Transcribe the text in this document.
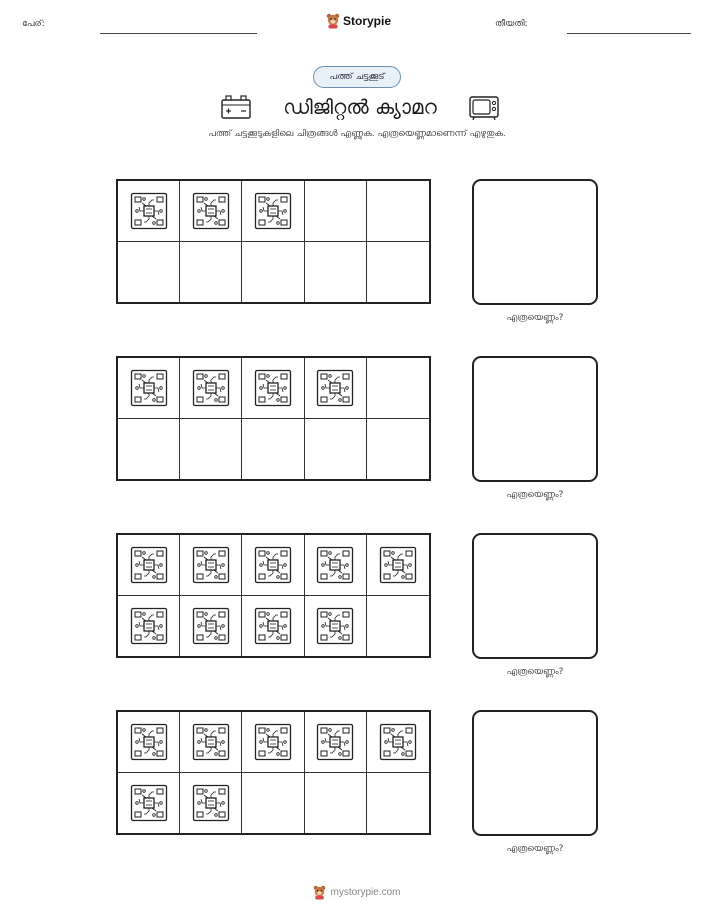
പേര്:	Storypie	തീയതി:
പത്ത് ചട്ടക്കൂട്
ഡിജിറ്റൽ ക്യാമറ
പത്ത് ചട്ടക്കൂടുകളിലെ ചിത്രങ്ങൾ എണ്ണുക. എത്രയെണ്ണമാണെന്ന് എഴുതുക.
എത്രയെണ്ണം?
എത്രയെണ്ണം?
എത്രയെണ്ണം?
എത്രയെണ്ണം?
mystorypie.com
